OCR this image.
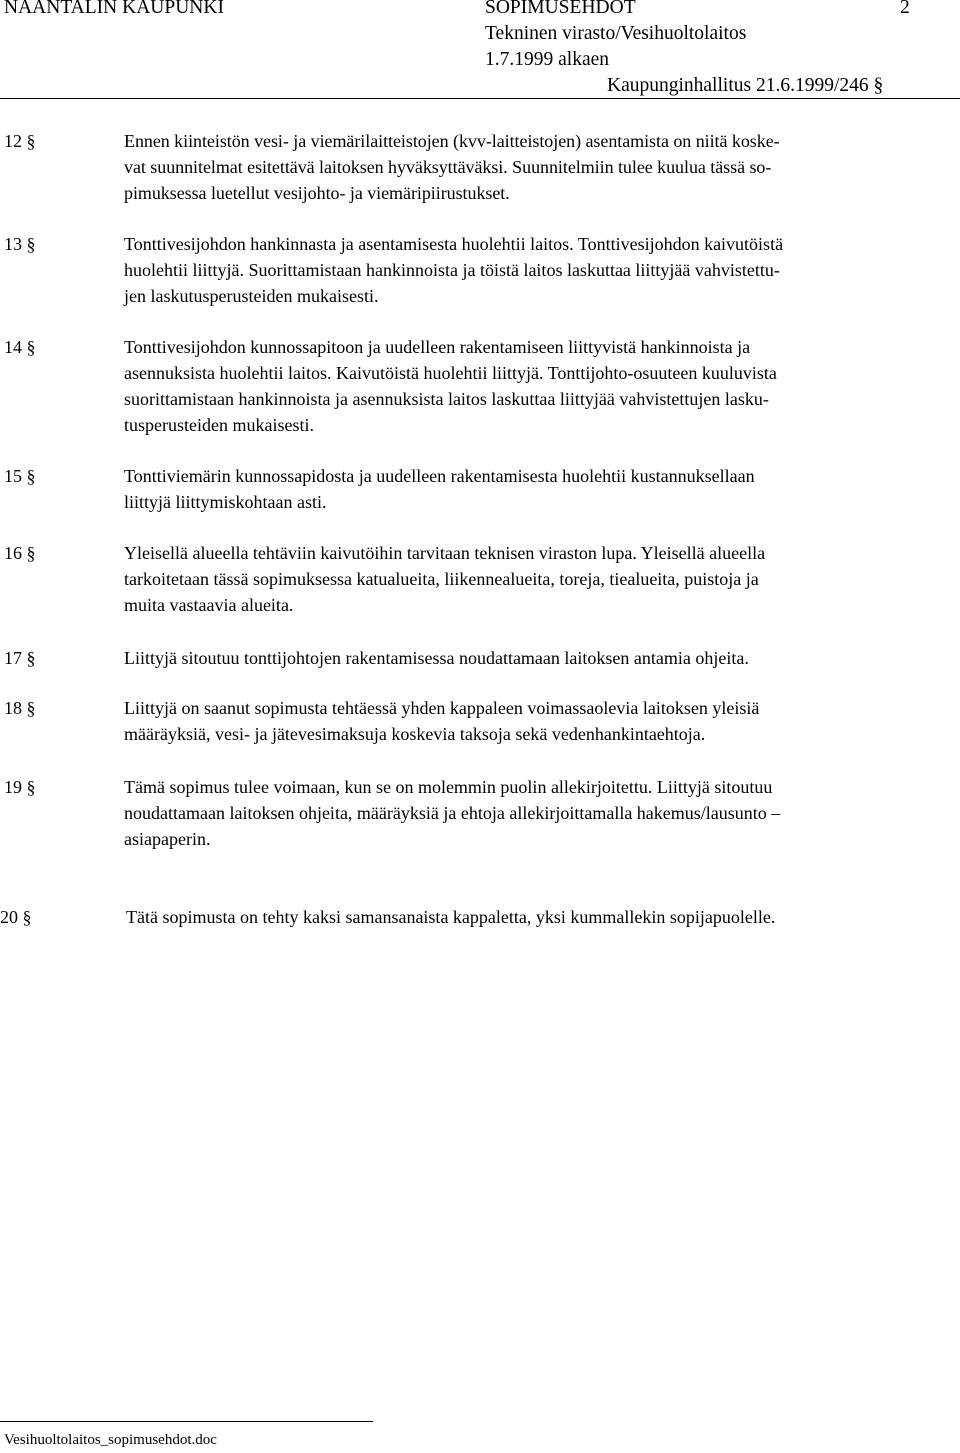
NAANTALIN KAUPUNKI	SOPIMUSEHDOT	2
Tekninen virasto/Vesihuoltolaitos
1.7.1999 alkaen
Kaupunginhallitus 21.6.1999/246 §
12 §	Ennen kiinteistön vesi- ja viemärilaitteistojen (kvv-laitteistojen) asentamista on niitä koske-
vat suunnitelmat esitettävä laitoksen hyväksyttäväksi. Suunnitelmiin tulee kuulua tässä so-
pimuksessa luetellut vesijohto- ja viemäripiirustukset.
13 §	Tonttivesijohdon hankinnasta ja asentamisesta huolehtii laitos. Tonttivesijohdon kaivutöistä
huolehtii liittyjä. Suorittamistaan hankinnoista ja töistä laitos laskuttaa liittyjää vahvistettu-
jen laskutusperusteiden mukaisesti.
14 §	Tonttivesijohdon kunnossapitoon ja uudelleen rakentamiseen liittyvistä hankinnoista ja
asennuksista huolehtii laitos. Kaivutöistä huolehtii liittyjä. Tonttijohto-osuuteen kuuluvista
suorittamistaan hankinnoista ja asennuksista laitos laskuttaa liittyjää vahvistettujen lasku-
tusperusteiden mukaisesti.
15 §	Tonttiviemärin kunnossapidosta ja uudelleen rakentamisesta huolehtii kustannuksellaan
liittyjä liittymiskohtaan asti.
16 §	Yleisellä alueella tehtäviin kaivutöihin tarvitaan teknisen viraston lupa. Yleisellä alueella
tarkoitetaan tässä sopimuksessa katualueita, liikennealueita, toreja, tiealueita, puistoja ja
muita vastaavia alueita.
17 §	Liittyjä sitoutuu tonttijohtojen rakentamisessa noudattamaan laitoksen antamia ohjeita.
18 §	Liittyjä on saanut sopimusta tehtäessä yhden kappaleen voimassaolevia laitoksen yleisiä
määräyksiä, vesi- ja jätevesimaksuja koskevia taksoja sekä vedenhankintaehtoja.
19 §	Tämä sopimus tulee voimaan, kun se on molemmin puolin allekirjoitettu. Liittyjä sitoutuu
noudattamaan laitoksen ohjeita, määräyksiä ja ehtoja allekirjoittamalla hakemus/lausunto –
asiapaperin.
20 §	Tätä sopimusta on tehty kaksi samansanaista kappaletta, yksi kummallekin sopijapuolelle.
Vesihuoltolaitos_sopimusehdot.doc
